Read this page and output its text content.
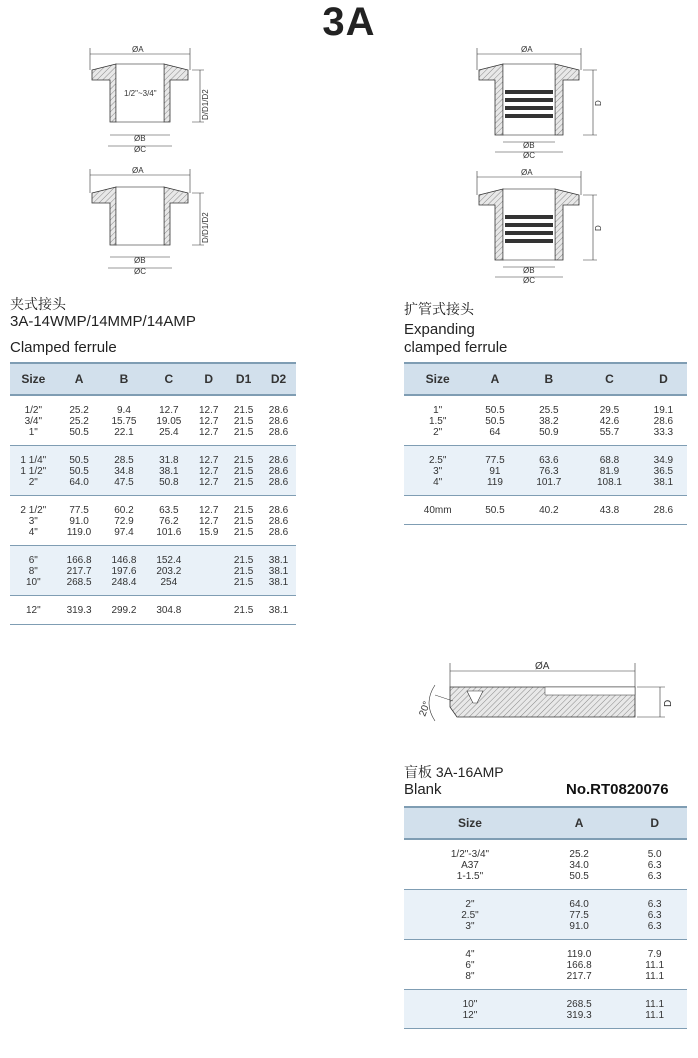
3A
ØA
1/2"~3/4"	D/D1/D2
ØB
ØC
ØA
D/D1/D2
ØB
ØC
ØA
D
ØB
ØC
ØA
D
ØB
ØC
ØA
D
20°
夹式接头
3A-14WMP/14MMP/14AMP
Clamped ferrule
Size	A	B	C	D	D1	D2
1/2"	25.2	9.4	12.7	12.7	21.5	28.6
3/4"	25.2	15.75	19.05	12.7	21.5	28.6
1"	50.5	22.1	25.4	12.7	21.5	28.6
1 1/4"	50.5	28.5	31.8	12.7	21.5	28.6
1 1/2"	50.5	34.8	38.1	12.7	21.5	28.6
2"	64.0	47.5	50.8	12.7	21.5	28.6
2 1/2"	77.5	60.2	63.5	12.7	21.5	28.6
3"	91.0	72.9	76.2	12.7	21.5	28.6
4"	119.0	97.4	101.6	15.9	21.5	28.6
6"	166.8	146.8	152.4		21.5	38.1
8"	217.7	197.6	203.2		21.5	38.1
10"	268.5	248.4	254		21.5	38.1
12"	319.3	299.2	304.8		21.5	38.1
扩管式接头
Expanding
clamped ferrule
Size	A	B	C	D
1"	50.5	25.5	29.5	19.1
1.5"	50.5	38.2	42.6	28.6
2"	64	50.9	55.7	33.3
2.5"	77.5	63.6	68.8	34.9
3"	91	76.3	81.9	36.5
4"	119	101.7	108.1	38.1
40mm	50.5	40.2	43.8	28.6
盲板 3A-16AMP
Blank	No.RT0820076
Size	A	D
1/2"-3/4"	25.2	5.0
A37	34.0	6.3
1-1.5"	50.5	6.3
2"	64.0	6.3
2.5"	77.5	6.3
3"	91.0	6.3
4"	119.0	7.9
6"	166.8	11.1
8"	217.7	11.1
10"	268.5	11.1
12"	319.3	11.1
